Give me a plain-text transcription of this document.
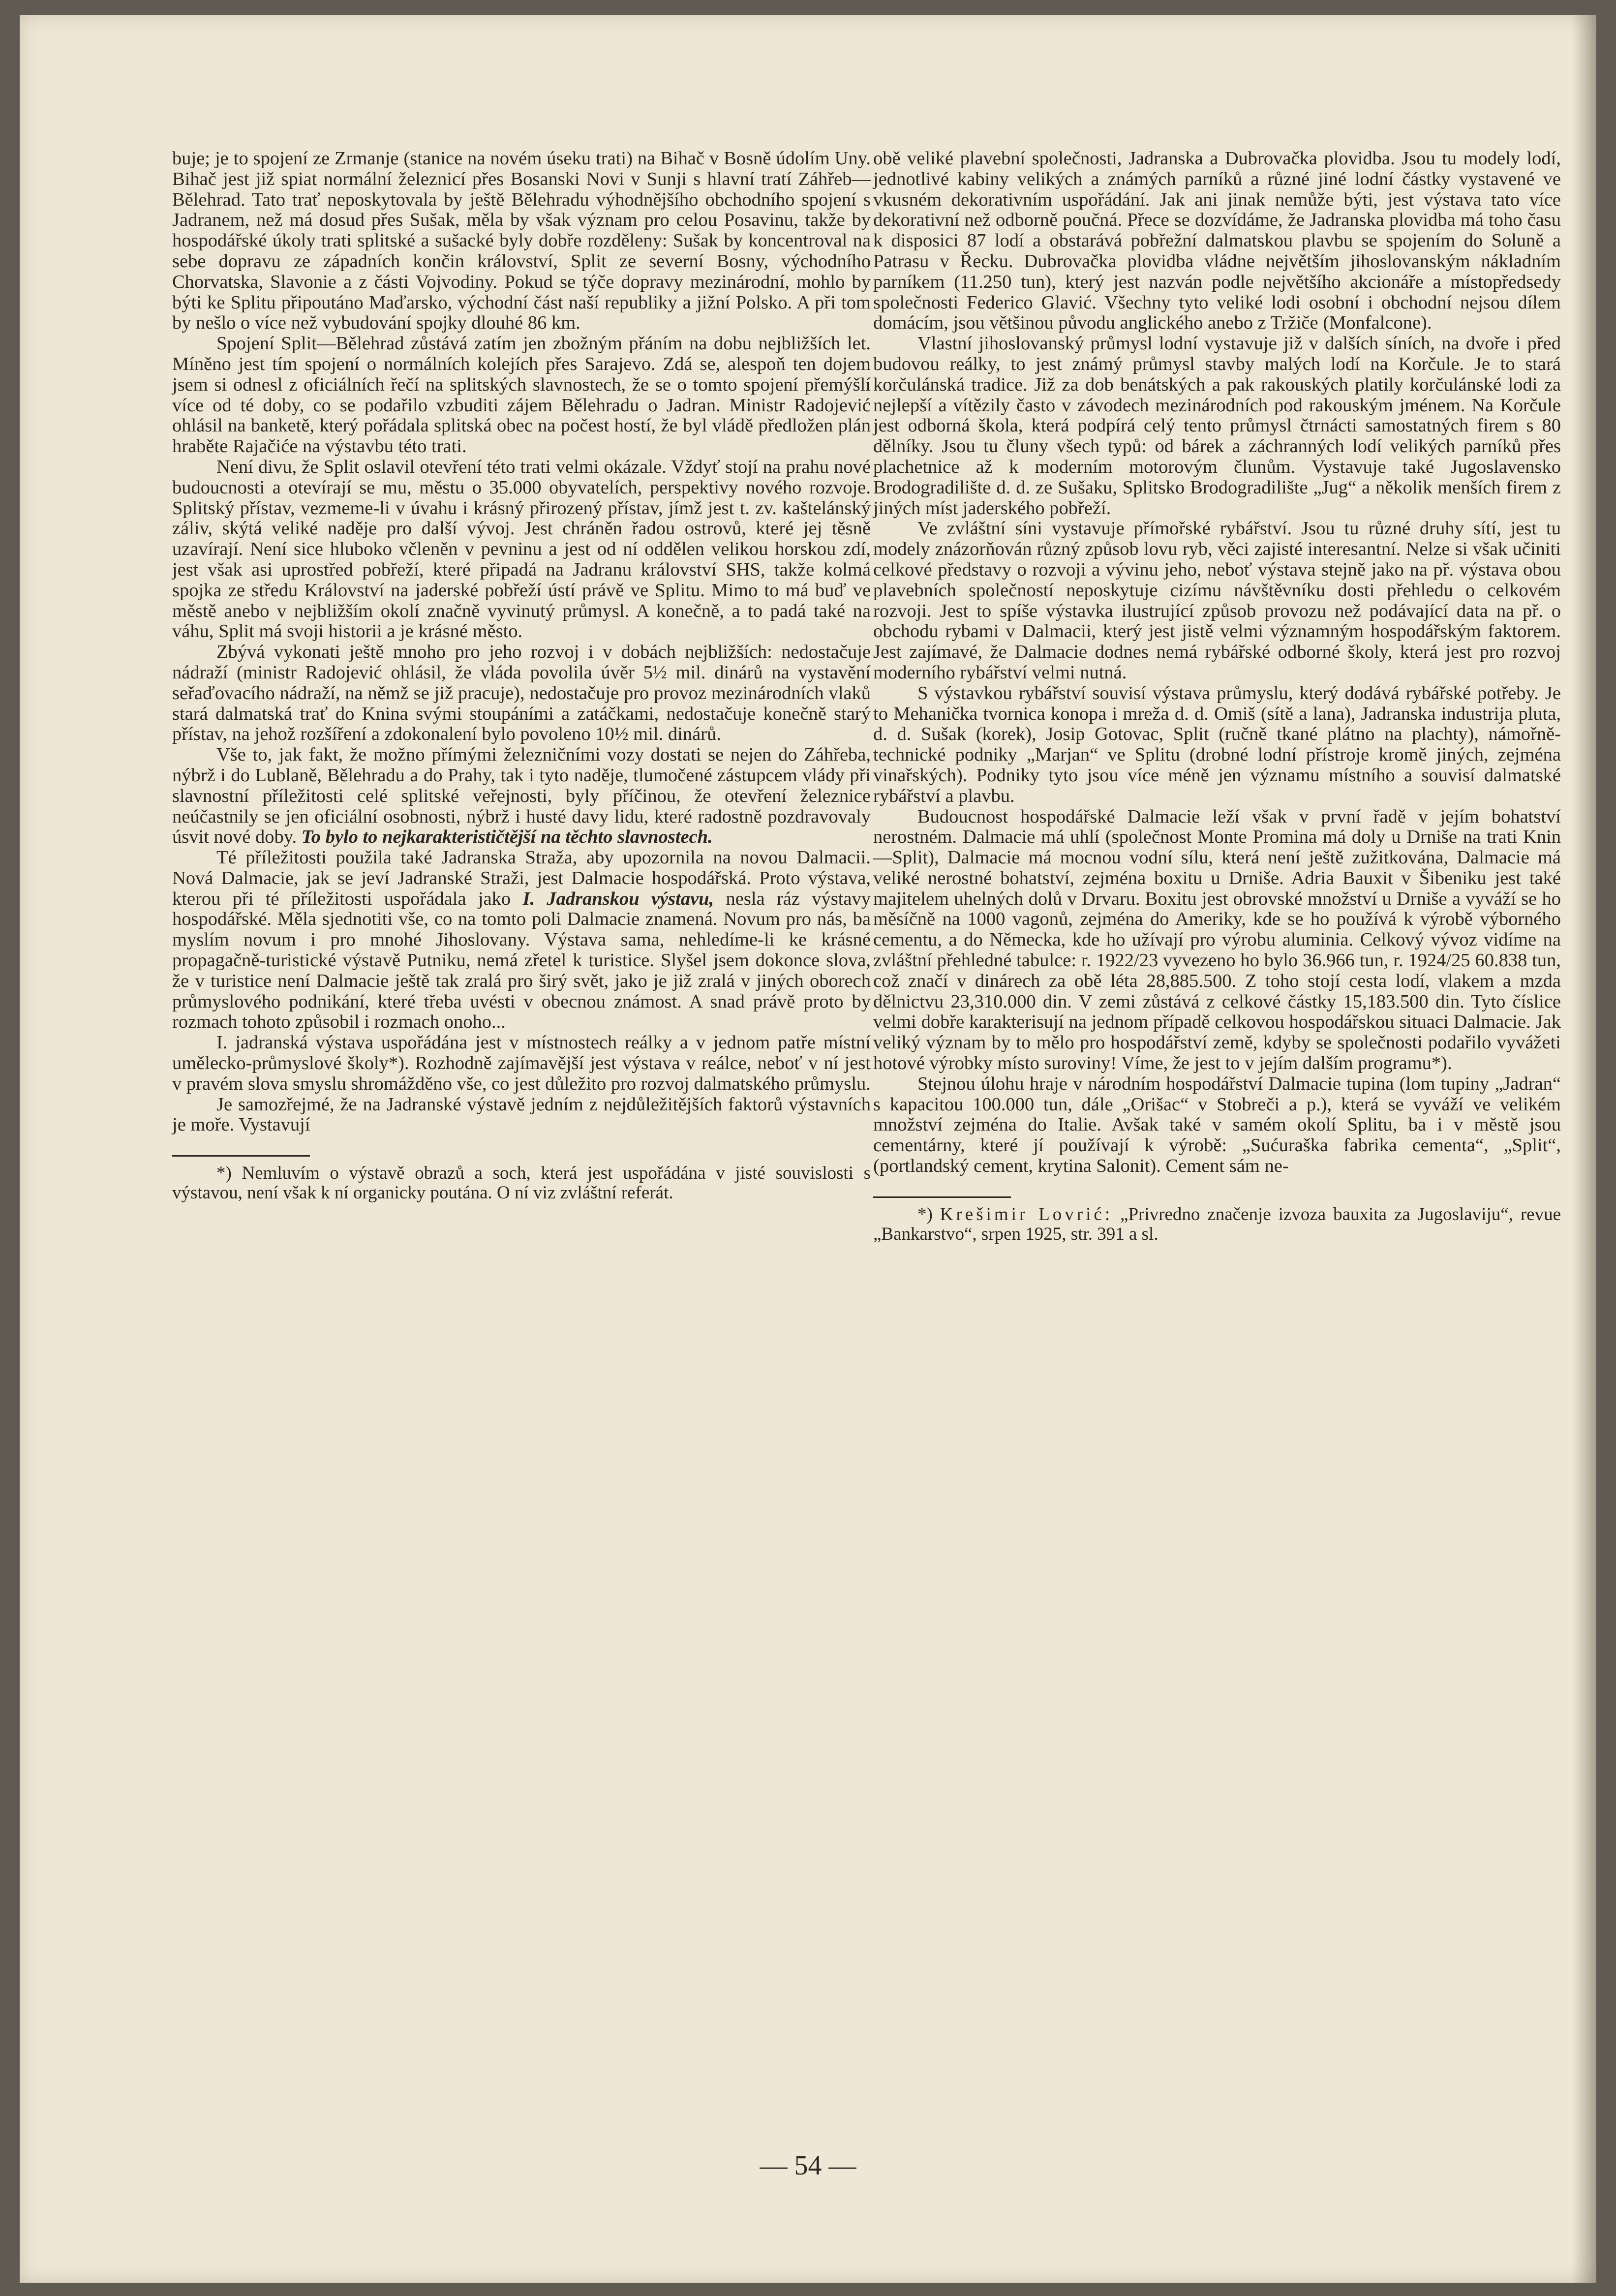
buje; je to spojení ze Zrmanje (stanice na novém úseku trati) na Bihač v Bosně údolím Uny. Bihač jest již spiat normální železnicí přes Bosanski Novi v Sunji s hlavní tratí Záhřeb—Bělehrad. Tato trať neposkytovala by ještě Bělehradu výhodnějšího obchodního spojení s Jadranem, než má dosud přes Sušak, měla by však význam pro celou Posavinu, takže by hospodářské úkoly trati splitské a sušacké byly dobře rozděleny: Sušak by koncentroval na sebe dopravu ze západních končin království, Split ze severní Bosny, východního Chorvatska, Slavonie a z části Vojvodiny. Pokud se týče dopravy mezinárodní, mohlo by býti ke Splitu připoutáno Maďarsko, východní část naší republiky a jižní Polsko. A při tom by nešlo o více než vybudování spojky dlouhé 86 km.

Spojení Split—Bělehrad zůstává zatím jen zbožným přáním na dobu nejbližších let. Míněno jest tím spojení o normálních kolejích přes Sarajevo. Zdá se, alespoň ten dojem jsem si odnesl z oficiálních řečí na splitských slavnostech, že se o tomto spojení přemýšlí více od té doby, co se podařilo vzbuditi zájem Bělehradu o Jadran. Ministr Radojević ohlásil na banketě, který pořádala splitská obec na počest hostí, že byl vládě předložen plán hraběte Rajačiće na výstavbu této trati.

Není divu, že Split oslavil otevření této trati velmi okázale. Vždyť stojí na prahu nové budoucnosti a otevírají se mu, městu o 35.000 obyvatelích, perspektivy nového rozvoje. Splitský přístav, vezmeme-li v úvahu i krásný přirozený přístav, jímž jest t. zv. kaštelánský záliv, skýtá veliké naděje pro další vývoj. Jest chráněn řadou ostrovů, které jej těsně uzavírají. Není sice hluboko včleněn v pevninu a jest od ní oddělen velikou horskou zdí, jest však asi uprostřed pobřeží, které připadá na Jadranu království SHS, takže kolmá spojka ze středu Království na jaderské pobřeží ústí právě ve Splitu. Mimo to má buď ve městě anebo v nejbližším okolí značně vyvinutý průmysl. A konečně, a to padá také na váhu, Split má svoji historii a je krásné město.

Zbývá vykonati ještě mnoho pro jeho rozvoj i v dobách nejbližších: nedostačuje nádraží (ministr Radojević ohlásil, že vláda povolila úvěr 5½ mil. dinárů na vystavění seřaďovacího nádraží, na němž se již pracuje), nedostačuje pro provoz mezinárodních vlaků stará dalmatská trať do Knina svými stoupáními a zatáčkami, nedostačuje konečně starý přístav, na jehož rozšíření a zdokonalení bylo povoleno 10½ mil. dinárů.

Vše to, jak fakt, že možno přímými železničními vozy dostati se nejen do Záhřeba, nýbrž i do Lublaně, Bělehradu a do Prahy, tak i tyto naděje, tlumočené zástupcem vlády při slavnostní příležitosti celé splitské veřejnosti, byly příčinou, že otevření železnice neúčastnily se jen oficiální osobnosti, nýbrž i husté davy lidu, které radostně pozdravovaly úsvit nové doby. To bylo to nejkarakterističtější na těchto slavnostech.

Té příležitosti použila také Jadranska Straža, aby upozornila na novou Dalmacii. Nová Dalmacie, jak se jeví Jadranské Straži, jest Dalmacie hospodářská. Proto výstava, kterou při té příležitosti uspořádala jako I. Jadranskou výstavu, nesla ráz výstavy hospodářské. Měla sjednotiti vše, co na tomto poli Dalmacie znamená. Novum pro nás, ba myslím novum i pro mnohé Jihoslovany. Výstava sama, nehledíme-li ke krásné propagačně-turistické výstavě Putniku, nemá zřetel k turistice. Slyšel jsem dokonce slova, že v turistice není Dalmacie ještě tak zralá pro širý svět, jako je již zralá v jiných oborech průmyslového podnikání, které třeba uvésti v obecnou známost. A snad právě proto by rozmach tohoto způsobil i rozmach onoho...

I. jadranská výstava uspořádána jest v místnostech reálky a v jednom patře místní umělecko-průmyslové školy*). Rozhodně zajímavější jest výstava v reálce, neboť v ní jest v pravém slova smyslu shromážděno vše, co jest důležito pro rozvoj dalmatského průmyslu.

Je samozřejmé, že na Jadranské výstavě jedním z nejdůležitějších faktorů výstavních je moře. Vystavují

*) Nemluvím o výstavě obrazů a soch, která jest uspořádána v jisté souvislosti s výstavou, není však k ní organicky poutána. O ní viz zvláštní referát.

obě veliké plavební společnosti, Jadranska a Dubrovačka plovidba. Jsou tu modely lodí, jednotlivé kabiny velikých a známých parníků a různé jiné lodní částky vystavené ve vkusném dekorativním uspořádání. Jak ani jinak nemůže býti, jest výstava tato více dekorativní než odborně poučná. Přece se dozvídáme, že Jadranska plovidba má toho času k disposici 87 lodí a obstarává pobřežní dalmatskou plavbu se spojením do Soluně a Patrasu v Řecku. Dubrovačka plovidba vládne největším jihoslovanským nákladním parníkem (11.250 tun), který jest nazván podle největšího akcionáře a místopředsedy společnosti Federico Glavić. Všechny tyto veliké lodi osobní i obchodní nejsou dílem domácím, jsou většinou původu anglického anebo z Tržiče (Monfalcone).

Vlastní jihoslovanský průmysl lodní vystavuje již v dalších síních, na dvoře i před budovou reálky, to jest známý průmysl stavby malých lodí na Korčule. Je to stará korčulánská tradice. Již za dob benátských a pak rakouských platily korčulánské lodi za nejlepší a vítězily často v závodech mezinárodních pod rakouským jménem. Na Korčule jest odborná škola, která podpírá celý tento průmysl čtrnácti samostatných firem s 80 dělníky. Jsou tu čluny všech typů: od bárek a záchranných lodí velikých parníků přes plachetnice až k moderním motorovým člunům. Vystavuje také Jugoslavensko Brodogradilište d. d. ze Sušaku, Splitsko Brodogradilište „Jug“ a několik menších firem z jiných míst jaderského pobřeží.

Ve zvláštní síni vystavuje přímořské rybářství. Jsou tu různé druhy sítí, jest tu modely znázorňován různý způsob lovu ryb, věci zajisté interesantní. Nelze si však učiniti celkové představy o rozvoji a vývinu jeho, neboť výstava stejně jako na př. výstava obou plavebních společností neposkytuje cizímu návštěvníku dosti přehledu o celkovém rozvoji. Jest to spíše výstavka ilustrující způsob provozu než podávající data na př. o obchodu rybami v Dalmacii, který jest jistě velmi významným hospodářským faktorem. Jest zajímavé, že Dalmacie dodnes nemá rybářské odborné školy, která jest pro rozvoj moderního rybářství velmi nutná.

S výstavkou rybářství souvisí výstava průmyslu, který dodává rybářské potřeby. Je to Mehanička tvornica konopa i mreža d. d. Omiš (sítě a lana), Jadranska industrija pluta, d. d. Sušak (korek), Josip Gotovac, Split (ručně tkané plátno na plachty), námořně-technické podniky „Marjan“ ve Splitu (drobné lodní přístroje kromě jiných, zejména vinařských). Podniky tyto jsou více méně jen významu místního a souvisí dalmatské rybářství a plavbu.

Budoucnost hospodářské Dalmacie leží však v první řadě v jejím bohatství nerostném. Dalmacie má uhlí (společnost Monte Promina má doly u Drniše na trati Knin—Split), Dalmacie má mocnou vodní sílu, která není ještě zužitkována, Dalmacie má veliké nerostné bohatství, zejména boxitu u Drniše. Adria Bauxit v Šibeniku jest také majitelem uhelných dolů v Drvaru. Boxitu jest obrovské množství u Drniše a vyváží se ho měsíčně na 1000 vagonů, zejména do Ameriky, kde se ho používá k výrobě výborného cementu, a do Německa, kde ho užívají pro výrobu aluminia. Celkový vývoz vidíme na zvláštní přehledné tabulce: r. 1922/23 vyvezeno ho bylo 36.966 tun, r. 1924/25 60.838 tun, což značí v dinárech za obě léta 28,885.500. Z toho stojí cesta lodí, vlakem a mzda dělnictvu 23,310.000 din. V zemi zůstává z celkové částky 15,183.500 din. Tyto číslice velmi dobře karakterisují na jednom případě celkovou hospodářskou situaci Dalmacie. Jak veliký význam by to mělo pro hospodářství země, kdyby se společnosti podařilo vyvážeti hotové výrobky místo suroviny! Víme, že jest to v jejím dalším programu*).

Stejnou úlohu hraje v národním hospodářství Dalmacie tupina (lom tupiny „Jadran“ s kapacitou 100.000 tun, dále „Orišac“ v Stobreči a p.), která se vyváží ve velikém množství zejména do Italie. Avšak také v samém okolí Splitu, ba i v městě jsou cementárny, které jí používají k výrobě: „Sućuraška fabrika cementa“, „Split“, (portlandský cement, krytina Salonit). Cement sám ne-

*) Krešimir Lovrić: „Privredno značenje izvoza bauxita za Jugoslaviju“, revue „Bankarstvo“, srpen 1925, str. 391 a sl.

— 54 —
